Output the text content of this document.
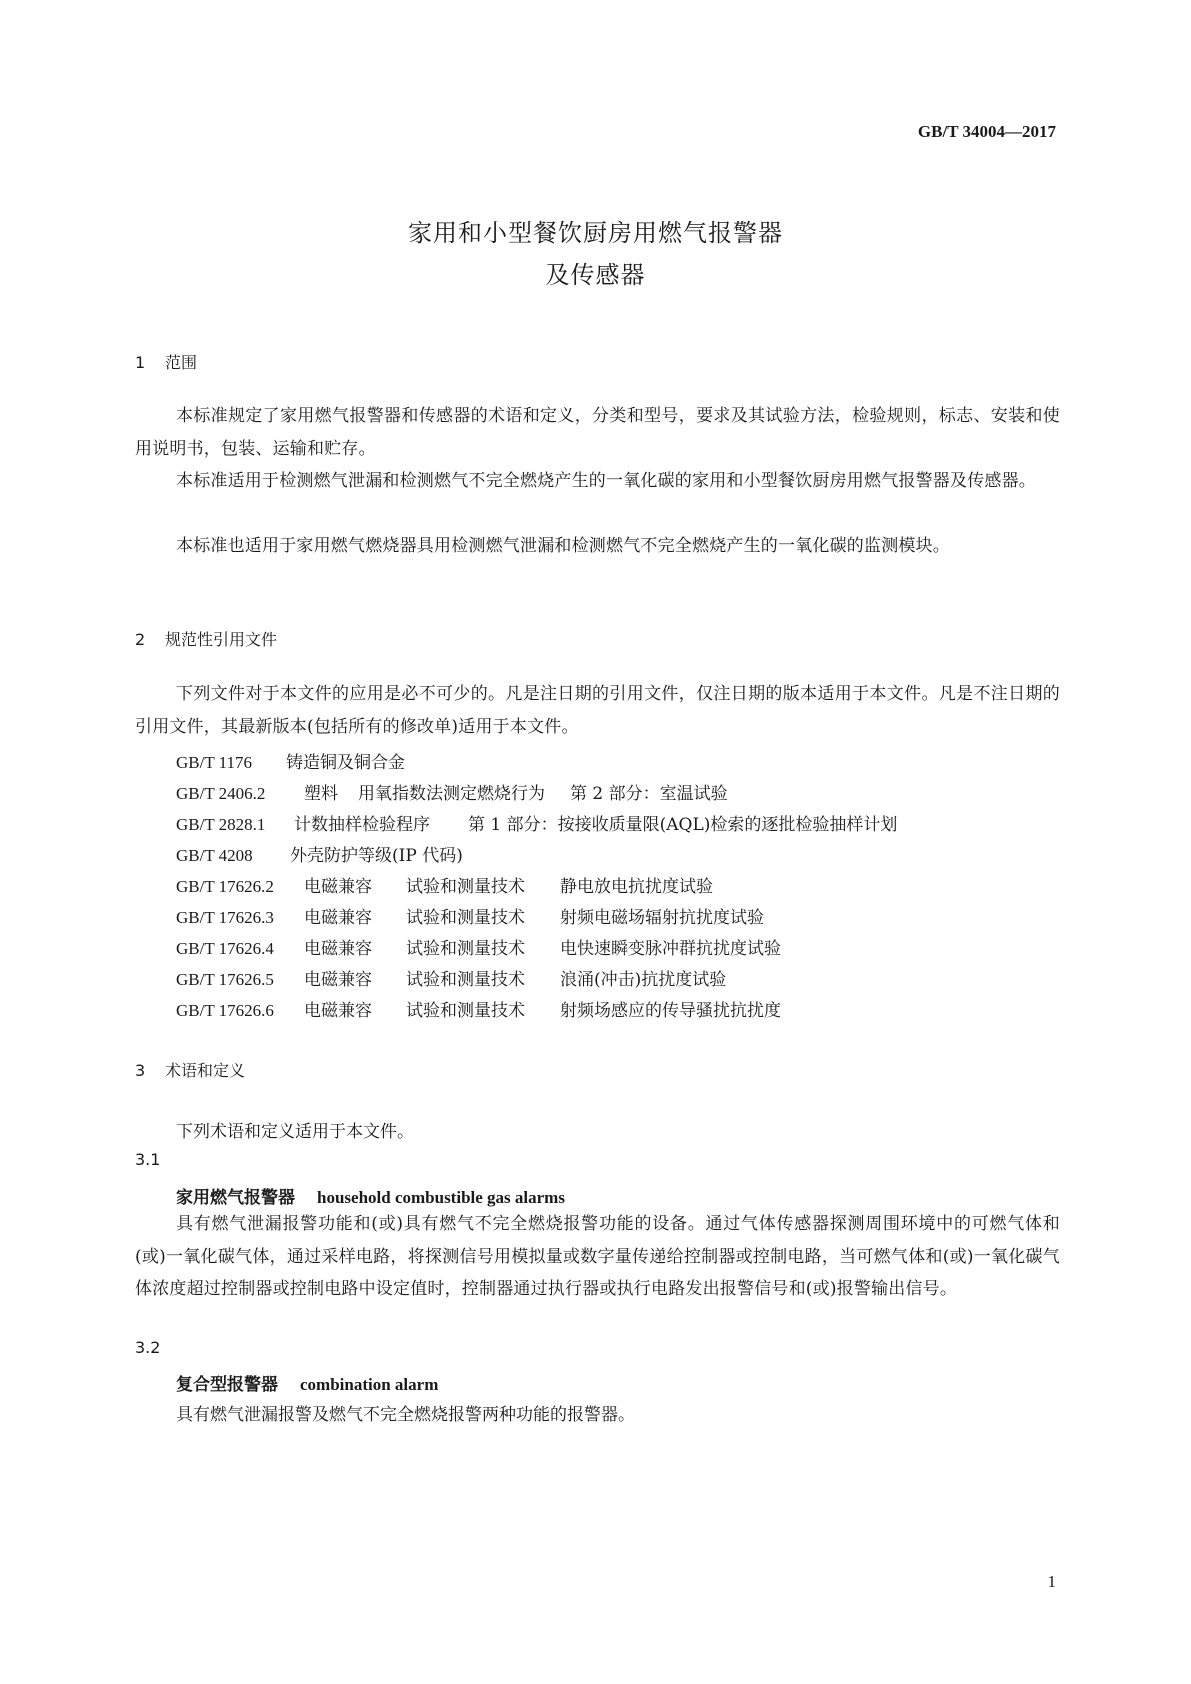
GB/T 34004—2017
家用和小型餐饮厨房用燃气报警器
及传感器
1 范围
本标准规定了家用燃气报警器和传感器的术语和定义，分类和型号，要求及其试验方法，检验规则，标志、安装和使用说明书，包装、运输和贮存。
本标准适用于检测燃气泄漏和检测燃气不完全燃烧产生的一氧化碳的家用和小型餐饮厨房用燃气报警器及传感器。
本标准也适用于家用燃气燃烧器具用检测燃气泄漏和检测燃气不完全燃烧产生的一氧化碳的监测模块。
2 规范性引用文件
下列文件对于本文件的应用是必不可少的。凡是注日期的引用文件，仅注日期的版本适用于本文件。凡是不注日期的引用文件，其最新版本(包括所有的修改单)适用于本文件。
GB/T 1176 铸造铜及铜合金
GB/T 2406.2 塑料 用氧指数法测定燃烧行为 第 2 部分：室温试验
GB/T 2828.1 计数抽样检验程序 第 1 部分：按接收质量限(AQL)检索的逐批检验抽样计划
GB/T 4208 外壳防护等级(IP 代码)
GB/T 17626.2 电磁兼容 试验和测量技术 静电放电抗扰度试验
GB/T 17626.3 电磁兼容 试验和测量技术 射频电磁场辐射抗扰度试验
GB/T 17626.4 电磁兼容 试验和测量技术 电快速瞬变脉冲群抗扰度试验
GB/T 17626.5 电磁兼容 试验和测量技术 浪涌(冲击)抗扰度试验
GB/T 17626.6 电磁兼容 试验和测量技术 射频场感应的传导骚扰抗扰度
3 术语和定义
下列术语和定义适用于本文件。
3.1
家用燃气报警器 household combustible gas alarms
具有燃气泄漏报警功能和(或)具有燃气不完全燃烧报警功能的设备。通过气体传感器探测周围环境中的可燃气体和(或)一氧化碳气体，通过采样电路，将探测信号用模拟量或数字量传递给控制器或控制电路，当可燃气体和(或)一氧化碳气体浓度超过控制器或控制电路中设定值时，控制器通过执行器或执行电路发出报警信号和(或)报警输出信号。
3.2
复合型报警器 combination alarm
具有燃气泄漏报警及燃气不完全燃烧报警两种功能的报警器。
1
